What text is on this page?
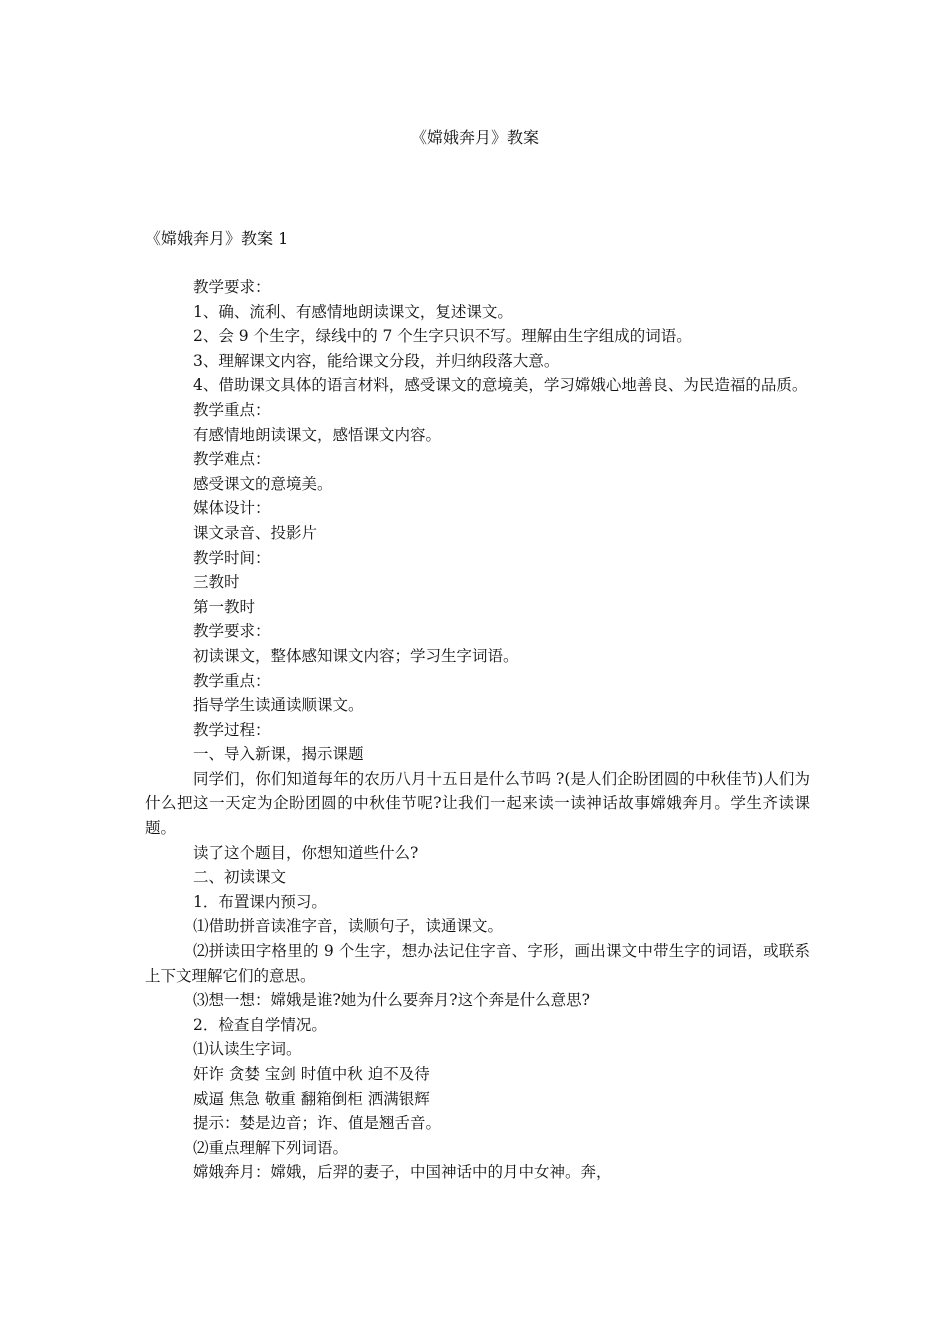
《嫦娥奔月》教案
《嫦娥奔月》教案 1
教学要求：
1、确、流利、有感情地朗读课文，复述课文。
2、会 9 个生字，绿线中的 7 个生字只识不写。理解由生字组成的词语。
3、理解课文内容，能给课文分段，并归纳段落大意。
4、借助课文具体的语言材料，感受课文的意境美，学习嫦娥心地善良、为民造福的品质。
教学重点：
有感情地朗读课文，感悟课文内容。
教学难点：
感受课文的意境美。
媒体设计：
课文录音、投影片
教学时间：
三教时
第一教时
教学要求：
初读课文，整体感知课文内容；学习生字词语。
教学重点：
指导学生读通读顺课文。
教学过程：
一、导入新课，揭示课题
同学们，你们知道每年的农历八月十五日是什么节吗 ?(是人们企盼团圆的中秋佳节)人们为什么把这一天定为企盼团圆的中秋佳节呢?让我们一起来读一读神话故事嫦娥奔月。学生齐读课题。
读了这个题目，你想知道些什么?
二、初读课文
1．布置课内预习。
⑴借助拼音读准字音，读顺句子，读通课文。
⑵拼读田字格里的 9 个生字，想办法记住字音、字形，画出课文中带生字的词语，或联系上下文理解它们的意思。
⑶想一想：嫦娥是谁?她为什么要奔月?这个奔是什么意思?
2．检查自学情况。
⑴认读生字词。
奸诈 贪婪 宝剑 时值中秋 迫不及待
威逼 焦急 敬重 翻箱倒柜 洒满银辉
提示：婪是边音；诈、值是翘舌音。
⑵重点理解下列词语。
嫦娥奔月：嫦娥，后羿的妻子，中国神话中的月中女神。奔，
